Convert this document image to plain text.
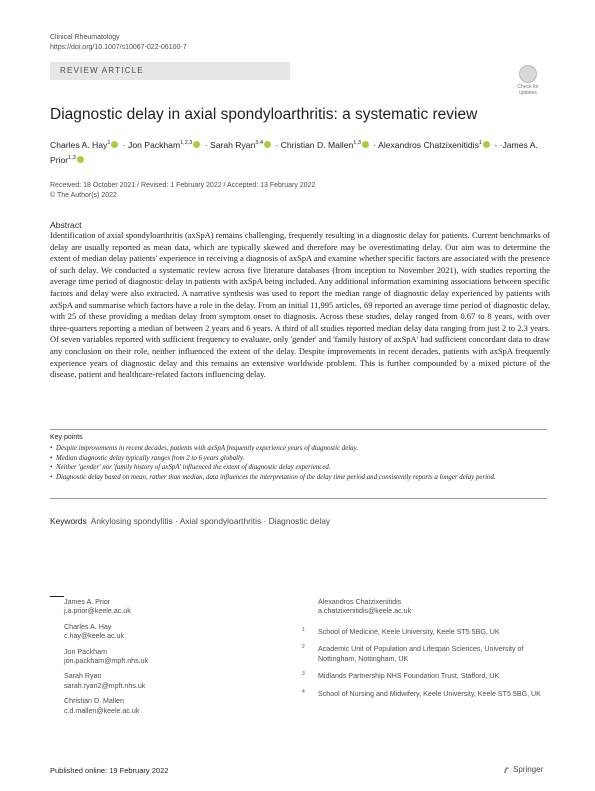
Clinical Rheumatology
https://doi.org/10.1007/s10067-022-06100-7
REVIEW ARTICLE
Check for updates
Diagnostic delay in axial spondyloarthritis: a systematic review
Charles A. Hay$^1$ · Jon Packham$^{1,2,3}$ · Sarah Ryan$^{3,4}$ · Christian D. Mallen$^{1,3}$ · Alexandros Chatzixenitidis$^1$ · ·James A. Prior$^{1,3}$
Received: 18 October 2021 / Revised: 1 February 2022 / Accepted: 13 February 2022
© The Author(s) 2022
Abstract
Identification of axial spondyloarthritis (axSpA) remains challenging, frequently resulting in a diagnostic delay for patients. Current benchmarks of delay are usually reported as mean data, which are typically skewed and therefore may be overestimating delay. Our aim was to determine the extent of median delay patients' experience in receiving a diagnosis of axSpA and examine whether specific factors are associated with the presence of such delay. We conducted a systematic review across five literature databases (from inception to November 2021), with studies reporting the average time period of diagnostic delay in patients with axSpA being included. Any additional information examining associations between specific factors and delay were also extracted. A narrative synthesis was used to report the median range of diagnostic delay experienced by patients with axSpA and summarise which factors have a role in the delay. From an initial 11,995 articles, 69 reported an average time period of diagnostic delay, with 25 of these providing a median delay from symptom onset to diagnosis. Across these studies, delay ranged from 0.67 to 8 years, with over three-quarters reporting a median of between 2 years and 6 years. A third of all studies reported median delay data ranging from just 2 to 2.3 years. Of seven variables reported with sufficient frequency to evaluate, only 'gender' and 'family history of axSpA' had sufficient concordant data to draw any conclusion on their role, neither influenced the extent of the delay. Despite improvements in recent decades, patients with axSpA frequently experience years of diagnostic delay and this remains an extensive worldwide problem. This is further compounded by a mixed picture of the disease, patient and healthcare-related factors influencing delay.
Key points
• Despite improvements in recent decades, patients with axSpA frequently experience years of diagnostic delay.
• Median diagnostic delay typically ranges from 2 to 6 years globally.
• Neither 'gender' nor 'family history of axSpA' influenced the extent of diagnostic delay experienced.
• Diagnostic delay based on mean, rather than median, data influences the interpretation of the delay time period and consistently reports a longer delay period.
Keywords Ankylosing spondylitis · Axial spondyloarthritis · Diagnostic delay
James A. Prior
j.a.prior@keele.ac.uk
Charles A. Hay
c.hay@keele.ac.uk
Jon Packham
jon.packham@mpft.nhs.uk
Sarah Ryan
sarah.ryan2@mpft.nhs.uk
Christian D. Mallen
c.d.mallen@keele.ac.uk
Alexandros Chatzixenitidis
a.chatzixenitidis@keele.ac.uk
1 School of Medicine, Keele University, Keele ST5 5BG, UK
2 Academic Unit of Population and Lifespan Sciences, University of Nottingham, Nottingham, UK
3 Midlands Partnership NHS Foundation Trust, Stafford, UK
4 School of Nursing and Midwifery, Keele University, Keele ST5 5BG, UK
Published online: 19 February 2022	Springer
